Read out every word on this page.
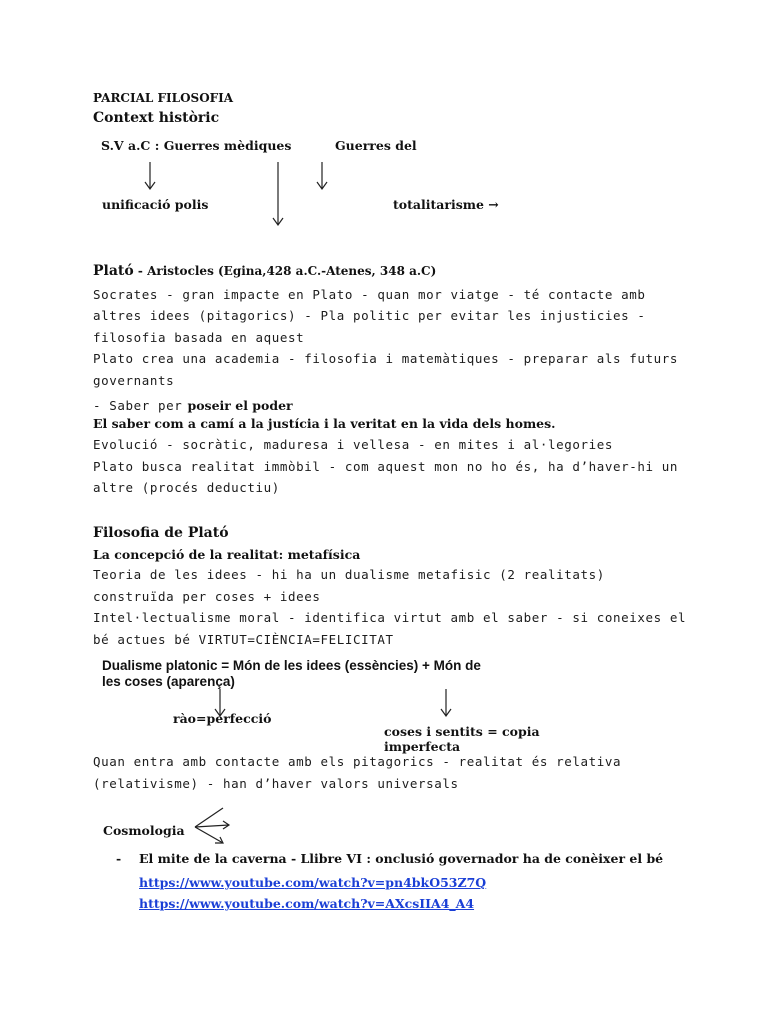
PARCIAL FILOSOFIA
Context històric
S.V a.C : Guerres mèdiques	Guerres del
unificació polis	totalitarisme →
Plató - Aristocles (Egina,428 a.C.-Atenes, 348 a.C)
Socrates - gran impacte en Plato - quan mor viatge - té contacte amb
altres idees (pitagorics) - Pla politic per evitar les injusticies -
filosofia basada en aquest
Plato crea una academia - filosofia i matemàtiques - preparar als futurs
governants
- Saber per poseir el poder
El saber com a camí a la justícia i la veritat en la vida dels homes.
Evolució - socràtic, maduresa i vellesa - en mites i al·legories
Plato busca realitat immòbil - com aquest mon no ho és, ha d’haver-hi un
altre (procés deductiu)
Filosofia de Plató
La concepció de la realitat: metafísica
Teoria de les idees - hi ha un dualisme metafisic (2 realitats)
construïda per coses + idees
Intel·lectualisme moral - identifica virtut amb el saber - si coneixes el
bé actues bé VIRTUT=CIÈNCIA=FELICITAT
Dualisme platonic = Món de les idees (essències) + Món de
les coses (aparença)
rào=perfecció
coses i sentits = copia
imperfecta
Quan entra amb contacte amb els pitagorics - realitat és relativa
(relativisme) - han d’haver valors universals
Cosmologia
- El mite de la caverna - Llibre VI : onclusió governador ha de conèixer el bé
https://www.youtube.com/watch?v=pn4bkO53Z7Q
https://www.youtube.com/watch?v=AXcsIIA4_A4
